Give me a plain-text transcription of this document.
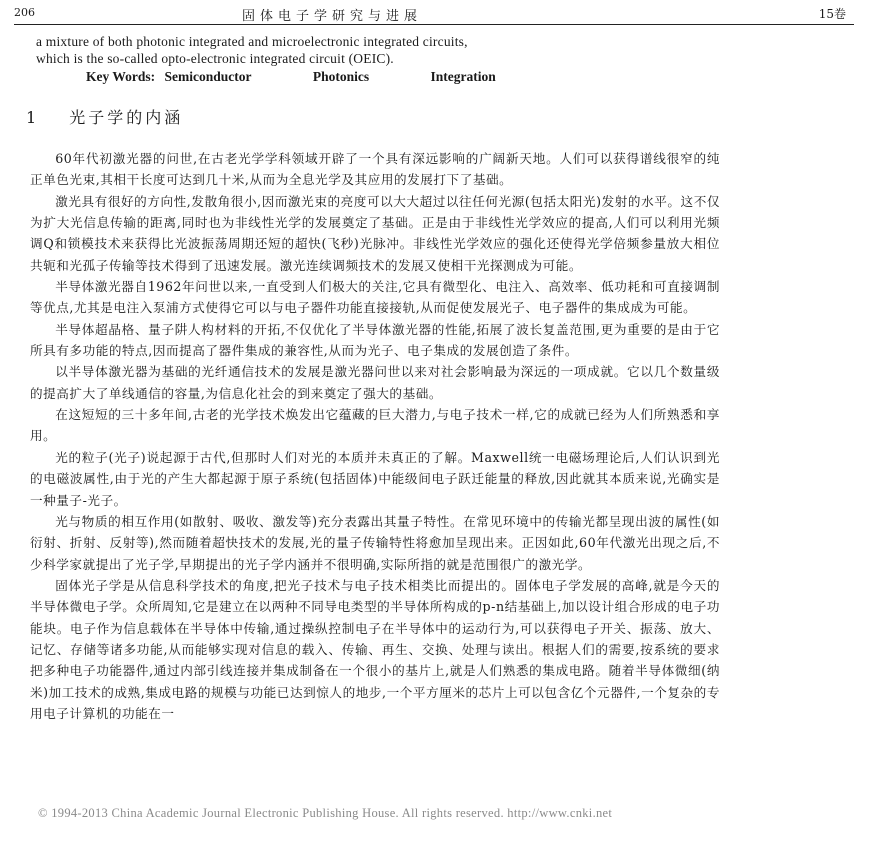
206	固体电子学研究与进展	15卷
a mixture of both photonic integrated and microelectronic integrated circuits,
which is the so-called opto-electronic integrated circuit (OEIC).
Key Words: Semiconductor	Photonics	Integration
1 光子学的内涵

60年代初激光器的问世,在古老光学学科领域开辟了一个具有深远影响的广阔新天地。人们可以获得谱线很窄的纯正单色光束,其相干长度可达到几十米,从而为全息光学及其应用的发展打下了基础。

激光具有很好的方向性,发散角很小,因而激光束的亮度可以大大超过以往任何光源(包括太阳光)发射的水平。这不仅为扩大光信息传输的距离,同时也为非线性光学的发展奠定了基础。正是由于非线性光学效应的提高,人们可以利用光频调Q和锁模技术来获得比光波振荡周期还短的超快(飞秒)光脉冲。非线性光学效应的强化还使得光学倍频参量放大相位共轭和光孤子传输等技术得到了迅速发展。激光连续调频技术的发展又使相干光探测成为可能。

半导体激光器自1962年问世以来,一直受到人们极大的关注,它具有微型化、电注入、高效率、低功耗和可直接调制等优点,尤其是电注入泵浦方式使得它可以与电子器件功能直接接轨,从而促使发展光子、电子器件的集成成为可能。

半导体超晶格、量子阱人构材料的开拓,不仅优化了半导体激光器的性能,拓展了波长复盖范围,更为重要的是由于它所具有多功能的特点,因而提高了器件集成的兼容性,从而为光子、电子集成的发展创造了条件。

以半导体激光器为基础的光纤通信技术的发展是激光器问世以来对社会影响最为深远的一项成就。它以几个数量级的提高扩大了单线通信的容量,为信息化社会的到来奠定了强大的基础。

在这短短的三十多年间,古老的光学技术焕发出它蕴藏的巨大潜力,与电子技术一样,它的成就已经为人们所熟悉和享用。

光的粒子(光子)说起源于古代,但那时人们对光的本质并未真正的了解。Maxwell统一电磁场理论后,人们认识到光的电磁波属性,由于光的产生大都起源于原子系统(包括固体)中能级间电子跃迁能量的释放,因此就其本质来说,光确实是一种量子-光子。

光与物质的相互作用(如散射、吸收、激发等)充分表露出其量子特性。在常见环境中的传输光都呈现出波的属性(如衍射、折射、反射等),然而随着超快技术的发展,光的量子传输特性将愈加呈现出来。正因如此,60年代激光出现之后,不少科学家就提出了光子学,早期提出的光子学内涵并不很明确,实际所指的就是范围很广的激光学。

固体光子学是从信息科学技术的角度,把光子技术与电子技术相类比而提出的。固体电子学发展的高峰,就是今天的半导体微电子学。众所周知,它是建立在以两种不同导电类型的半导体所构成的p-n结基础上,加以设计组合形成的电子功能块。电子作为信息载体在半导体中传输,通过操纵控制电子在半导体中的运动行为,可以获得电子开关、振荡、放大、记忆、存储等诸多功能,从而能够实现对信息的载入、传输、再生、交换、处理与读出。根据人们的需要,按系统的要求把多种电子功能器件,通过内部引线连接并集成制备在一个很小的基片上,就是人们熟悉的集成电路。随着半导体微细(纳米)加工技术的成熟,集成电路的规模与功能已达到惊人的地步,一个平方厘米的芯片上可以包含亿个元器件,一个复杂的专用电子计算机的功能在一

© 1994-2013 China Academic Journal Electronic Publishing House. All rights reserved. http://www.cnki.net
